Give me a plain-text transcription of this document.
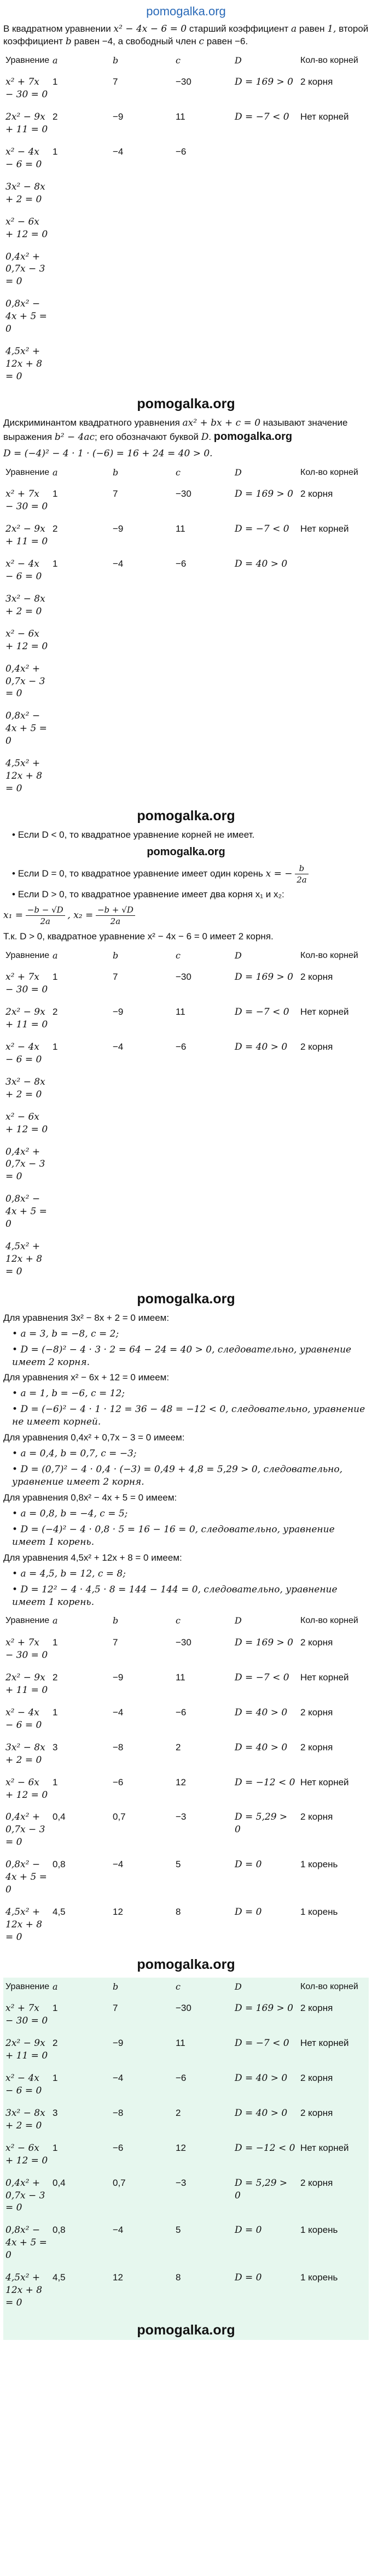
pomogalka.org

В квадратном уравнении x² − 4x − 6 = 0 старший коэффициент a равен 1, второй коэффициент b равен −4, а свободный член c равен −6.

Уравнение	a	b	c	D	Кол-во корней
x² + 7x − 30 = 0	1	7	−30	D = 169 > 0	2 корня
2x² − 9x + 11 = 0	2	−9	11	D = −7 < 0	Нет корней
x² − 4x − 6 = 0	1	−4	−6		
3x² − 8x + 2 = 0					
x² − 6x + 12 = 0					
0,4x² + 0,7x − 3 = 0					
0,8x² − 4x + 5 = 0					
4,5x² + 12x + 8 = 0					
pomogalka.org

Дискриминантом квадратного уравнения ax² + bx + c = 0 называют значение выражения b² − 4ac; его обозначают буквой D. pomogalka.org

D = (−4)² − 4 · 1 · (−6) = 16 + 24 = 40 > 0.

Уравнение	a	b	c	D	Кол-во корней
x² + 7x − 30 = 0	1	7	−30	D = 169 > 0	2 корня
2x² − 9x + 11 = 0	2	−9	11	D = −7 < 0	Нет корней
x² − 4x − 6 = 0	1	−4	−6	D = 40 > 0	
3x² − 8x + 2 = 0					
x² − 6x + 12 = 0					
0,4x² + 0,7x − 3 = 0					
0,8x² − 4x + 5 = 0					
4,5x² + 12x + 8 = 0					
pomogalka.org
• Если D < 0, то квадратное уравнение корней не имеет.
pomogalka.org
• Если D = 0, то квадратное уравнение имеет один корень x = − $\frac{b}{2a}$
• Если D > 0, то квадратное уравнение имеет два корня x₁ и x₂:
$x_1 = \frac{-b - √D}{2a}$ , $x_2 = \frac{-b + √D}{2a}$

Т.к. D > 0, квадратное уравнение x² − 4x − 6 = 0 имеет 2 корня.

Уравнение	a	b	c	D	Кол-во корней
x² + 7x − 30 = 0	1	7	−30	D = 169 > 0	2 корня
2x² − 9x + 11 = 0	2	−9	11	D = −7 < 0	Нет корней
x² − 4x − 6 = 0	1	−4	−6	D = 40 > 0	2 корня
3x² − 8x + 2 = 0					
x² − 6x + 12 = 0					
0,4x² + 0,7x − 3 = 0					
0,8x² − 4x + 5 = 0					
4,5x² + 12x + 8 = 0					
pomogalka.org
Для уравнения 3x² − 8x + 2 = 0 имеем:
• a = 3, b = −8, c = 2;
• D = (−8)² − 4 · 3 · 2 = 64 − 24 = 40 > 0, следовательно, уравнение имеет 2 корня.
Для уравнения x² − 6x + 12 = 0 имеем:
• a = 1, b = −6, c = 12;
• D = (−6)² − 4 · 1 · 12 = 36 − 48 = −12 < 0, следовательно, уравнение не имеет корней.
Для уравнения 0,4x² + 0,7x − 3 = 0 имеем:
• a = 0,4, b = 0,7, c = −3;
• D = (0,7)² − 4 · 0,4 · (−3) = 0,49 + 4,8 = 5,29 > 0, следовательно, уравнение имеет 2 корня.
Для уравнения 0,8x² − 4x + 5 = 0 имеем:
• a = 0,8, b = −4, c = 5;
• D = (−4)² − 4 · 0,8 · 5 = 16 − 16 = 0, следовательно, уравнение имеет 1 корень.
Для уравнения 4,5x² + 12x + 8 = 0 имеем:
• a = 4,5, b = 12, c = 8;
• D = 12² − 4 · 4,5 · 8 = 144 − 144 = 0, следовательно, уравнение имеет 1 корень.
Уравнение	a	b	c	D	Кол-во корней
x² + 7x − 30 = 0	1	7	−30	D = 169 > 0	2 корня
2x² − 9x + 11 = 0	2	−9	11	D = −7 < 0	Нет корней
x² − 4x − 6 = 0	1	−4	−6	D = 40 > 0	2 корня
3x² − 8x + 2 = 0	3	−8	2	D = 40 > 0	2 корня
x² − 6x + 12 = 0	1	−6	12	D = −12 < 0	Нет корней
0,4x² + 0,7x − 3 = 0	0,4	0,7	−3	D = 5,29 > 0	2 корня
0,8x² − 4x + 5 = 0	0,8	−4	5	D = 0	1 корень
4,5x² + 12x + 8 = 0	4,5	12	8	D = 0	1 корень
pomogalka.org
Уравнение	a	b	c	D	Кол-во корней
x² + 7x − 30 = 0	1	7	−30	D = 169 > 0	2 корня
2x² − 9x + 11 = 0	2	−9	11	D = −7 < 0	Нет корней
x² − 4x − 6 = 0	1	−4	−6	D = 40 > 0	2 корня
3x² − 8x + 2 = 0	3	−8	2	D = 40 > 0	2 корня
x² − 6x + 12 = 0	1	−6	12	D = −12 < 0	Нет корней
0,4x² + 0,7x − 3 = 0	0,4	0,7	−3	D = 5,29 > 0	2 корня
0,8x² − 4x + 5 = 0	0,8	−4	5	D = 0	1 корень
4,5x² + 12x + 8 = 0	4,5	12	8	D = 0	1 корень
pomogalka.org
